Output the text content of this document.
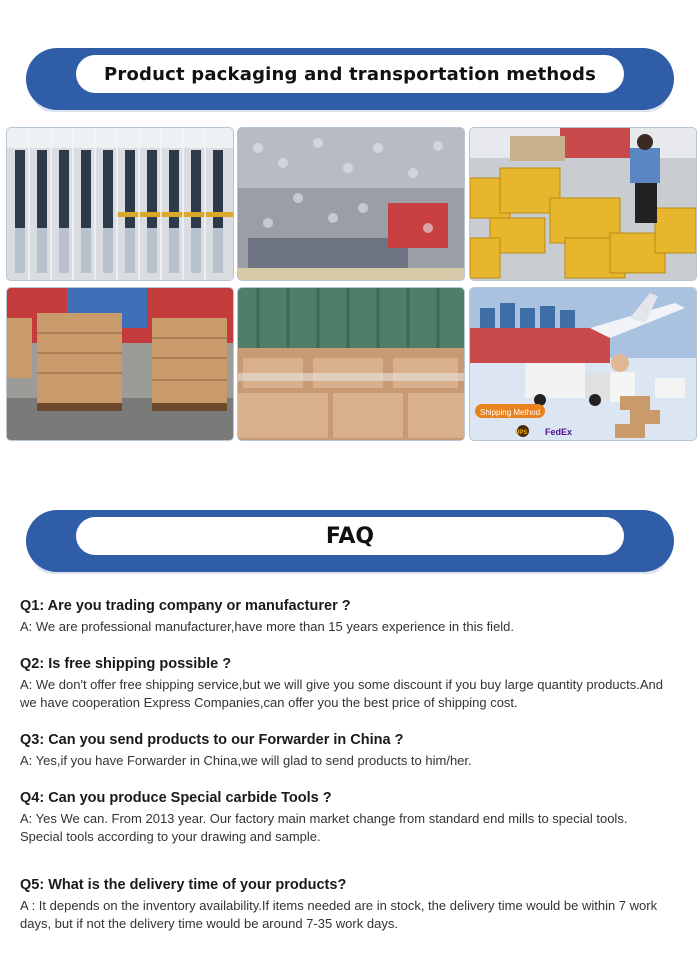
Product packaging and transportation methods
Shipping Method
UPS FedEx
FAQ

Q1: Are you trading company or manufacturer ?

A: We are professional manufacturer,have more than 15 years experience in this field.

Q2: Is free shipping possible ?

A: We don't offer free shipping service,but we will give you some discount if you buy large quantity products.And we have cooperation Express Companies,can offer you the best price of shipping cost.

Q3: Can you send products to our Forwarder in China ?

A: Yes,if you have Forwarder in China,we will glad to send products to him/her.

Q4: Can you produce Special carbide Tools ?

A: Yes We can. From 2013 year. Our factory main market change from standard end mills to special tools. Special tools according to your drawing and sample.

Q5: What is the delivery time of your products?

A : It depends on the inventory availability.If items needed are in stock, the delivery time would be within 7 work days, but if not the delivery time would be around 7-35 work days.
